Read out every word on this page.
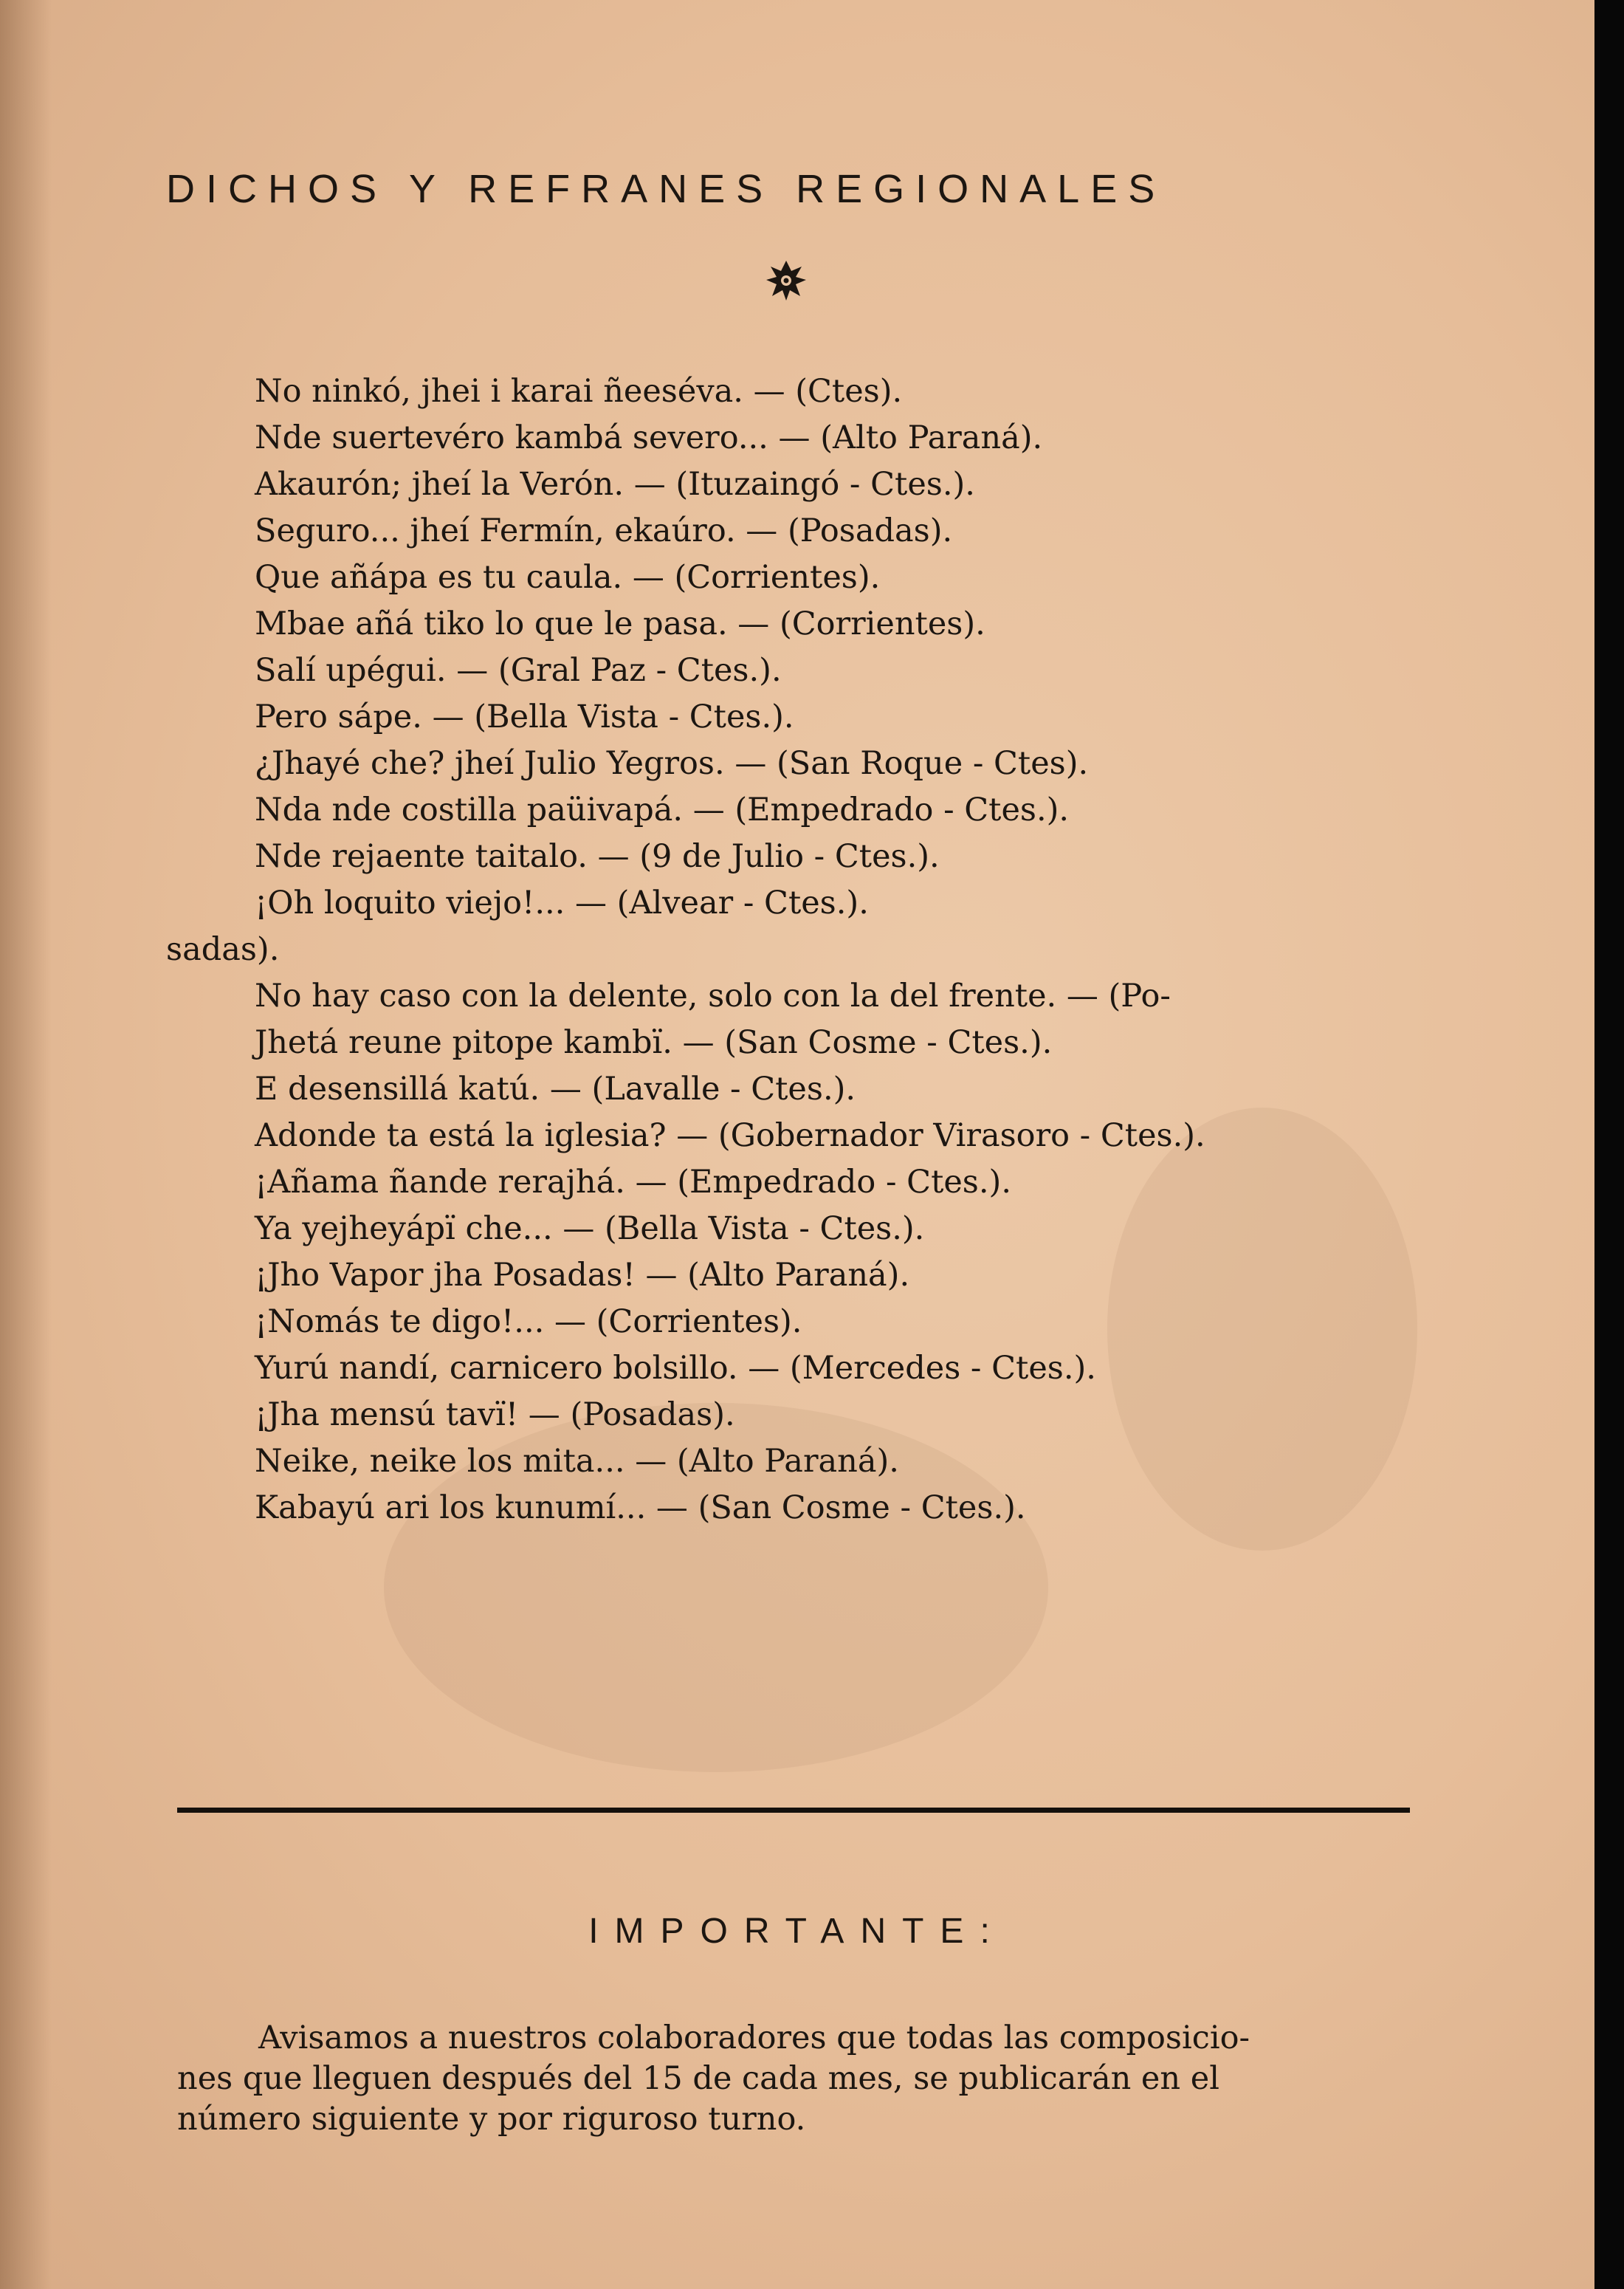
DICHOS Y REFRANES REGIONALES
No ninkó, jhei i karai ñeeséva. — (Ctes).
Nde suertevéro kambá severo... — (Alto Paraná).
Akaurón; jheí la Verón. — (Ituzaingó - Ctes.).
Seguro... jheí Fermín, ekaúro. — (Posadas).
Que añápa es tu caula. — (Corrientes).
Mbae añá tiko lo que le pasa. — (Corrientes).
Salí upégui. — (Gral Paz - Ctes.).
Pero sápe. — (Bella Vista - Ctes.).
¿Jhayé che? jheí Julio Yegros. — (San Roque - Ctes).
Nda nde costilla paüivapá. — (Empedrado - Ctes.).
Nde rejaente taitalo. — (9 de Julio - Ctes.).
¡Oh loquito viejo!... — (Alvear - Ctes.).
sadas).
No hay caso con la delente, solo con la del frente. — (Po-
Jhetá reune pitope kambï. — (San Cosme - Ctes.).
E desensillá katú. — (Lavalle - Ctes.).
Adonde ta está la iglesia? — (Gobernador Virasoro - Ctes.).
¡Añama ñande rerajhá. — (Empedrado - Ctes.).
Ya yejheyápï che... — (Bella Vista - Ctes.).
¡Jho Vapor jha Posadas! — (Alto Paraná).
¡Nomás te digo!... — (Corrientes).
Yurú nandí, carnicero bolsillo. — (Mercedes - Ctes.).
¡Jha mensú tavï! — (Posadas).
Neike, neike los mita... — (Alto Paraná).
Kabayú ari los kunumí... — (San Cosme - Ctes.).
IMPORTANTE:

Avisamos a nuestros colaboradores que todas las composicio-
nes que lleguen después del 15 de cada mes, se publicarán en el
número siguiente y por riguroso turno.
